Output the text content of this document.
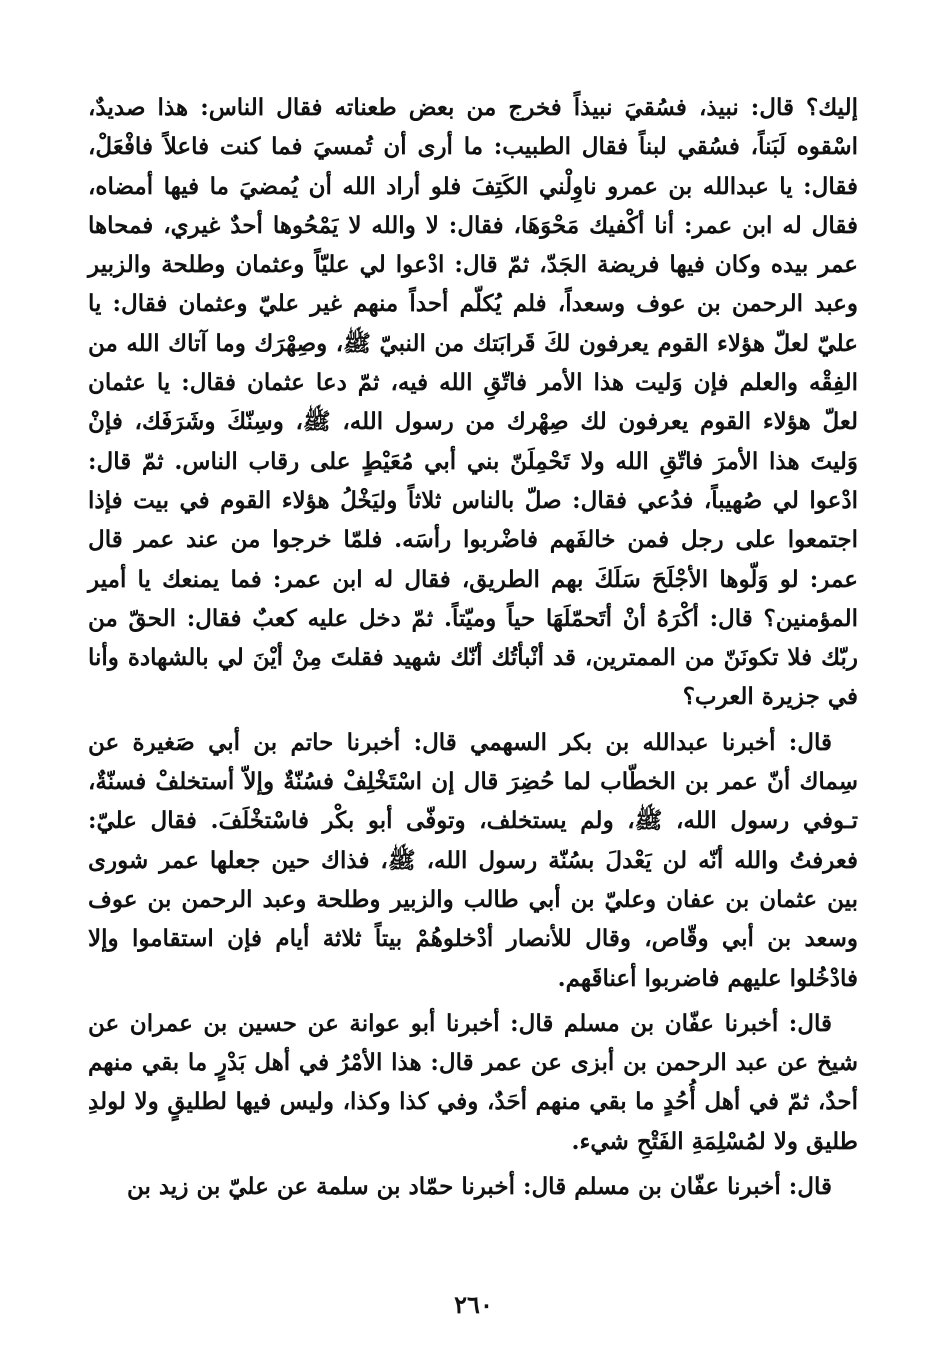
إليك؟ قال: نبيذ، فسُقيَ نبيذاً فخرج من بعض طعناته فقال الناس: هذا صديدٌ، اسْقوه لَبَناً، فسُقي لبناً فقال الطبيب: ما أرى أن تُمسيَ فما كنت فاعلاً فافْعَلْ، فقال: يا عبدالله بن عمرو ناوِلْني الكَتِفَ فلو أراد الله أن يُمضيَ ما فيها أمضاه، فقال له ابن عمر: أنا أكْفيك مَحْوَهَا، فقال: لا والله لا يَمْحُوها أحدٌ غيري، فمحاها عمر بيده وكان فيها فريضة الجَدّ، ثمّ قال: ادْعوا لي عليّاً وعثمان وطلحة والزبير وعبد الرحمن بن عوف وسعداً، فلم يُكلّم أحداً منهم غير عليّ وعثمان فقال: يا عليّ لعلّ هؤلاء القوم يعرفون لكَ قَرابَتك من النبيّ ﷺ، وصِهْرَك وما آتاك الله من الفِقْه والعلم فإن وَليت هذا الأمر فاتّقِ الله فيه، ثمّ دعا عثمان فقال: يا عثمان لعلّ هؤلاء القوم يعرفون لك صِهْرك من رسول الله، ﷺ، وسِنّكَ وشَرَفَك، فإنْ وَليتَ هذا الأمرَ فاتّقِ الله ولا تَحْمِلَنّ بني أبي مُعَيْطٍ على رقاب الناس. ثمّ قال: ادْعوا لي صُهيباً، فدُعي فقال: صلّ بالناس ثلاثاً وليَخْلُ هؤلاء القوم في بيت فإذا اجتمعوا على رجل فمن خالفَهم فاضْربوا رأسَه. فلمّا خرجوا من عند عمر قال عمر: لو وَلّوها الأجْلَحَ سَلَكَ بهم الطريق، فقال له ابن عمر: فما يمنعك يا أمير المؤمنين؟ قال: أكْرَهُ أنْ أتَحمّلَهَا حياً وميّتاً. ثمّ دخل عليه كعبٌ فقال: الحقّ من ربّك فلا تكونَنّ من الممترين، قد أنْبأتُك أنّك شهيد فقلتَ مِنْ أيْنَ لي بالشهادة وأنا في جزيرة العرب؟

قال: أخبرنا عبدالله بن بكر السهمي قال: أخبرنا حاتم بن أبي صَغيرة عن سِماك أنّ عمر بن الخطّاب لما حُضِرَ قال إن اسْتَخْلِفْ فسُنّةٌ وإلاّ أستخلفْ فسنّةٌ، تـوفي رسول الله، ﷺ، ولم يستخلف، وتوفّى أبو بكْر فاسْتخْلَفَ. فقال عليّ: فعرفتُ والله أنّه لن يَعْدلَ بسُنّة رسول الله، ﷺ، فذاك حين جعلها عمر شورى بين عثمان بن عفان وعليّ بن أبي طالب والزبير وطلحة وعبد الرحمن بن عوف وسعد بن أبي وقّاص، وقال للأنصار أدْخلوهُمْ بيتاً ثلاثة أيام فإن استقاموا وإلا فادْخُلوا عليهم فاضربوا أعناقَهم.

قال: أخبرنا عفّان بن مسلم قال: أخبرنا أبو عوانة عن حسين بن عمران عن شيخ عن عبد الرحمن بن أبزى عن عمر قال: هذا الأمْرُ في أهل بَدْرٍ ما بقي منهم أحدٌ، ثمّ في أهل أُحُدٍ ما بقي منهم أحَدٌ، وفي كذا وكذا، وليس فيها لطليقٍ ولا لولدِ طليق ولا لمُسْلِمَةِ الفَتْحِ شيء.

قال: أخبرنا عفّان بن مسلم قال: أخبرنا حمّاد بن سلمة عن عليّ بن زيد بن

٢٦٠
